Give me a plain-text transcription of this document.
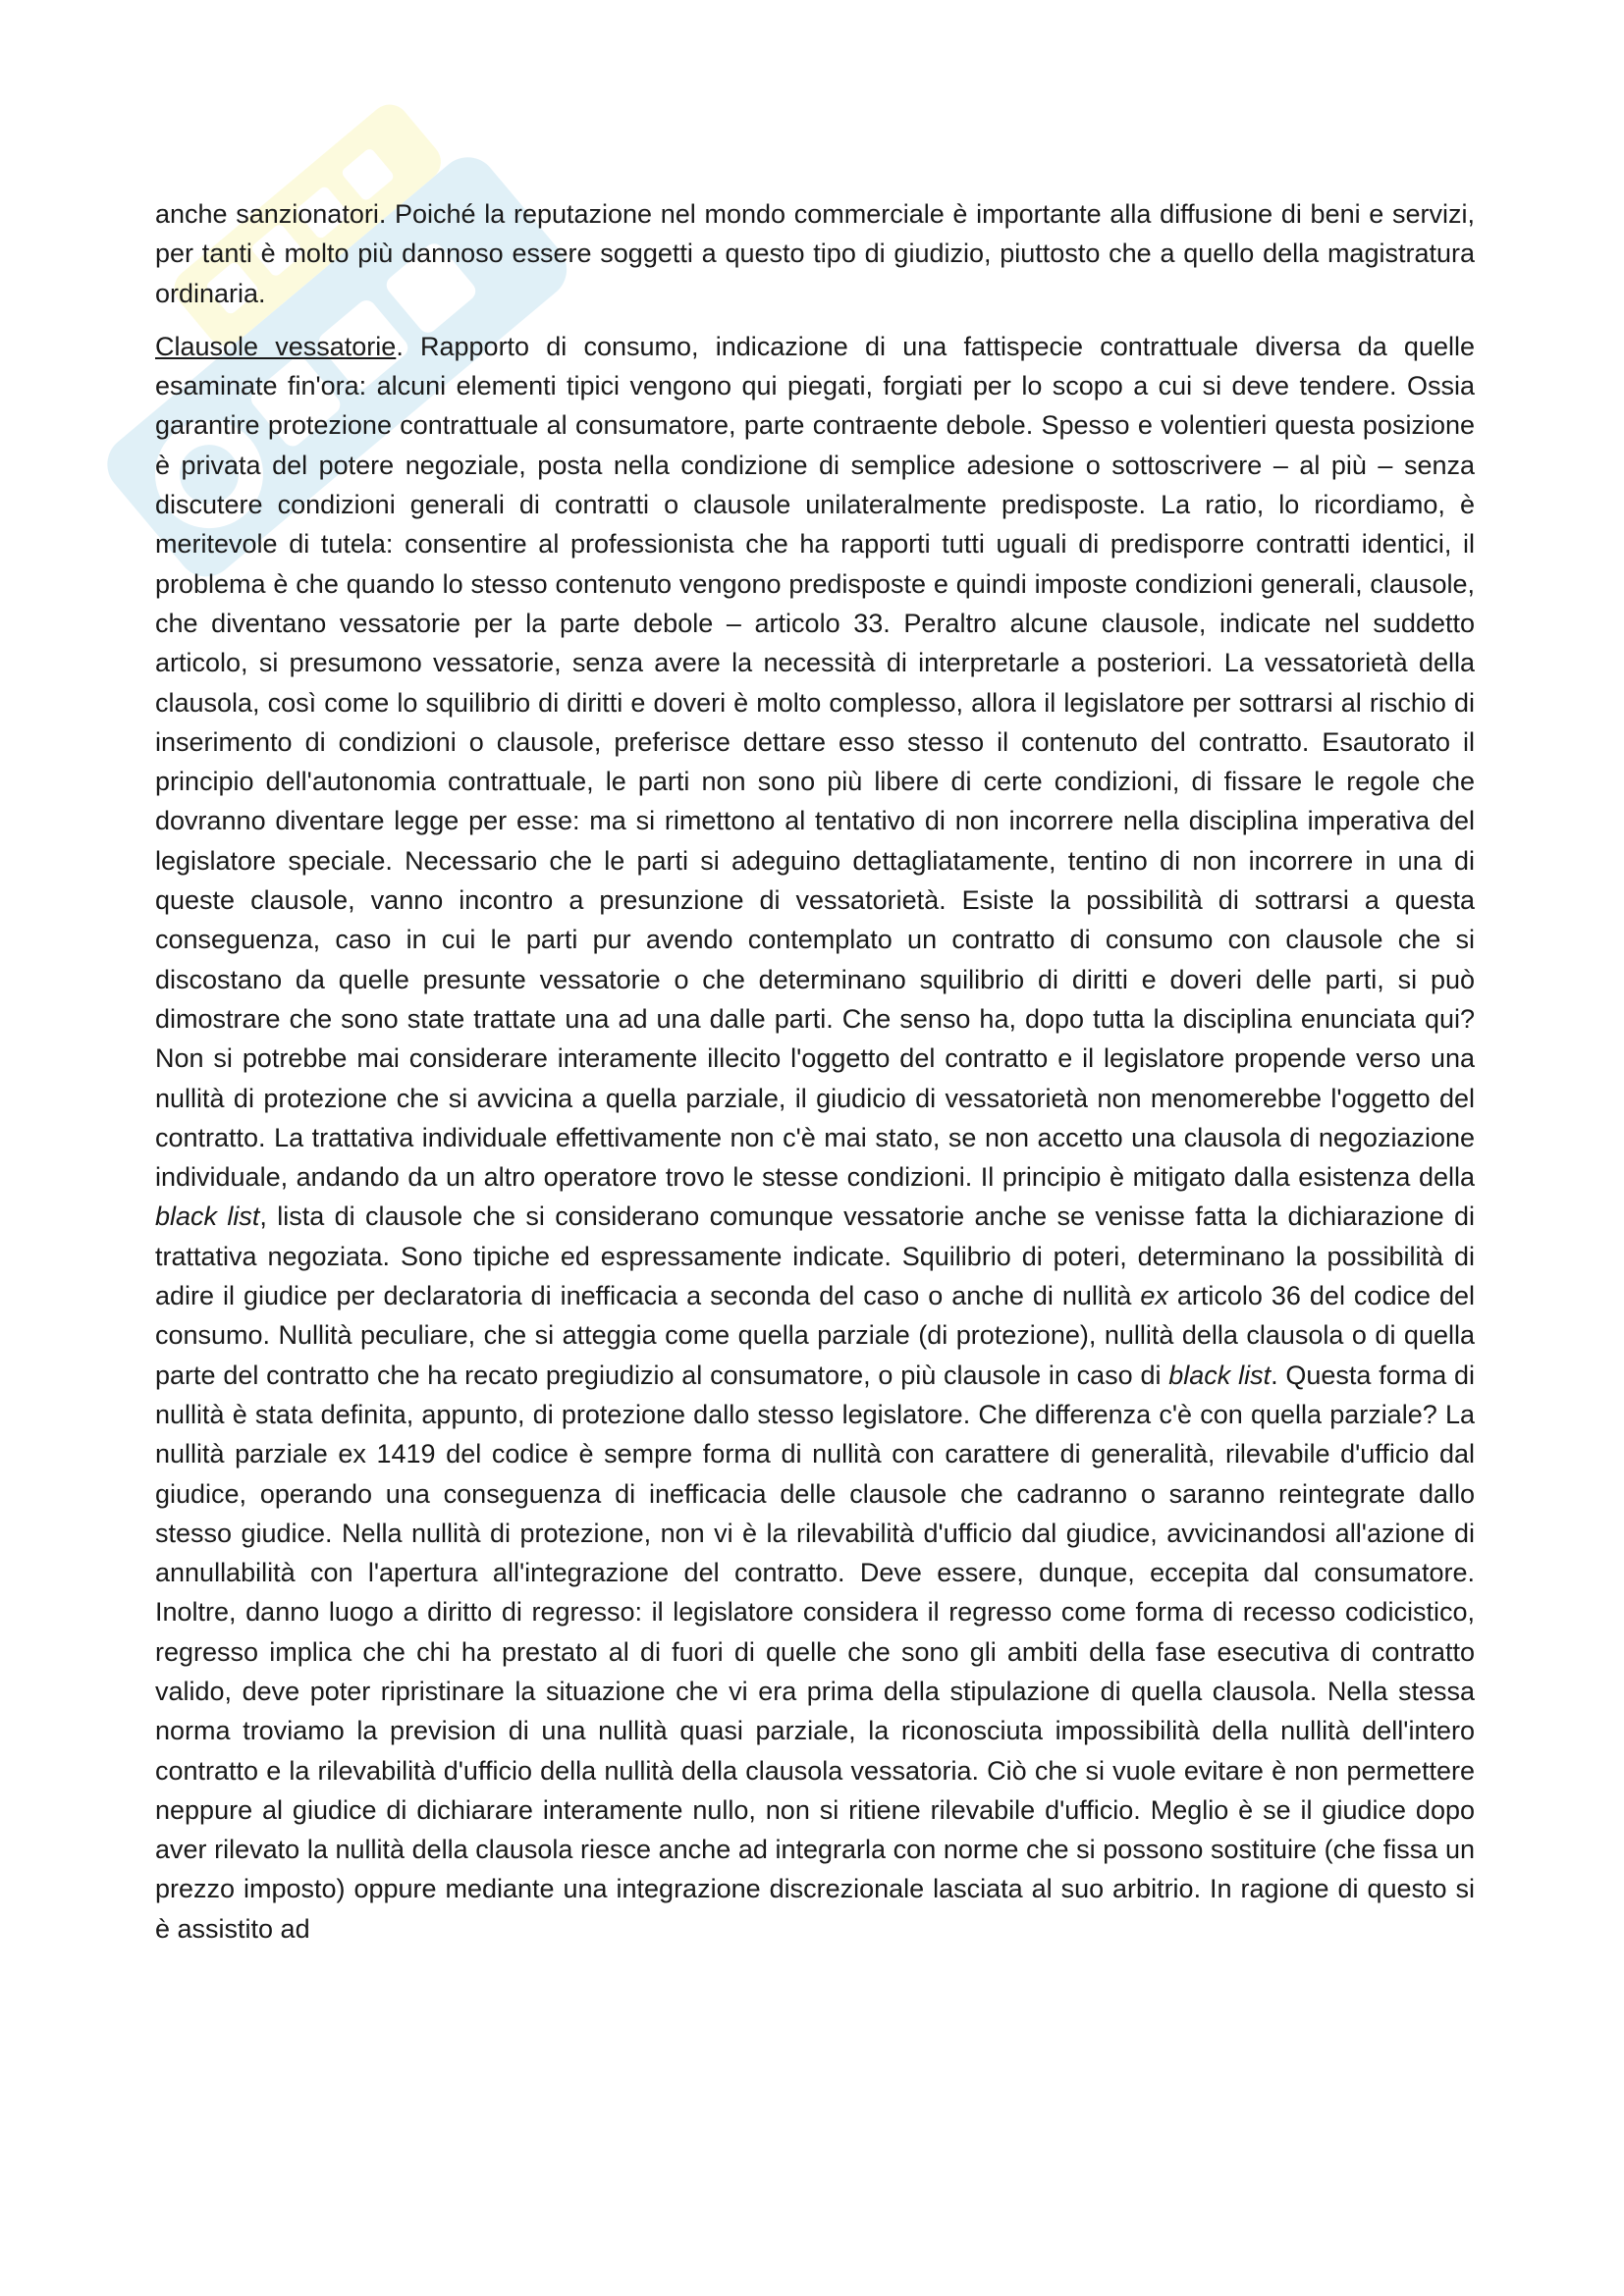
anche sanzionatori. Poiché la reputazione nel mondo commerciale è importante alla diffusione di beni e servizi, per tanti è molto più dannoso essere soggetti a questo tipo di giudizio, piuttosto che a quello della magistratura ordinaria.

Clausole vessatorie. Rapporto di consumo, indicazione di una fattispecie contrattuale diversa da quelle esaminate fin'ora: alcuni elementi tipici vengono qui piegati, forgiati per lo scopo a cui si deve tendere. Ossia garantire protezione contrattuale al consumatore, parte contraente debole. Spesso e volentieri questa posizione è privata del potere negoziale, posta nella condizione di semplice adesione o sottoscrivere – al più – senza discutere condizioni generali di contratti o clausole unilateralmente predisposte. La ratio, lo ricordiamo, è meritevole di tutela: consentire al professionista che ha rapporti tutti uguali di predisporre contratti identici, il problema è che quando lo stesso contenuto vengono predisposte e quindi imposte condizioni generali, clausole, che diventano vessatorie per la parte debole – articolo 33. Peraltro alcune clausole, indicate nel suddetto articolo, si presumono vessatorie, senza avere la necessità di interpretarle a posteriori. La vessatorietà della clausola, così come lo squilibrio di diritti e doveri è molto complesso, allora il legislatore per sottrarsi al rischio di inserimento di condizioni o clausole, preferisce dettare esso stesso il contenuto del contratto. Esautorato il principio dell'autonomia contrattuale, le parti non sono più libere di certe condizioni, di fissare le regole che dovranno diventare legge per esse: ma si rimettono al tentativo di non incorrere nella disciplina imperativa del legislatore speciale. Necessario che le parti si adeguino dettagliatamente, tentino di non incorrere in una di queste clausole, vanno incontro a presunzione di vessatorietà. Esiste la possibilità di sottrarsi a questa conseguenza, caso in cui le parti pur avendo contemplato un contratto di consumo con clausole che si discostano da quelle presunte vessatorie o che determinano squilibrio di diritti e doveri delle parti, si può dimostrare che sono state trattate una ad una dalle parti. Che senso ha, dopo tutta la disciplina enunciata qui? Non si potrebbe mai considerare interamente illecito l'oggetto del contratto e il legislatore propende verso una nullità di protezione che si avvicina a quella parziale, il giudicio di vessatorietà non menomerebbe l'oggetto del contratto. La trattativa individuale effettivamente non c'è mai stato, se non accetto una clausola di negoziazione individuale, andando da un altro operatore trovo le stesse condizioni. Il principio è mitigato dalla esistenza della black list, lista di clausole che si considerano comunque vessatorie anche se venisse fatta la dichiarazione di trattativa negoziata. Sono tipiche ed espressamente indicate. Squilibrio di poteri, determinano la possibilità di adire il giudice per declaratoria di inefficacia a seconda del caso o anche di nullità ex articolo 36 del codice del consumo. Nullità peculiare, che si atteggia come quella parziale (di protezione), nullità della clausola o di quella parte del contratto che ha recato pregiudizio al consumatore, o più clausole in caso di black list. Questa forma di nullità è stata definita, appunto, di protezione dallo stesso legislatore. Che differenza c'è con quella parziale? La nullità parziale ex 1419 del codice è sempre forma di nullità con carattere di generalità, rilevabile d'ufficio dal giudice, operando una conseguenza di inefficacia delle clausole che cadranno o saranno reintegrate dallo stesso giudice. Nella nullità di protezione, non vi è la rilevabilità d'ufficio dal giudice, avvicinandosi all'azione di annullabilità con l'apertura all'integrazione del contratto. Deve essere, dunque, eccepita dal consumatore. Inoltre, danno luogo a diritto di regresso: il legislatore considera il regresso come forma di recesso codicistico, regresso implica che chi ha prestato al di fuori di quelle che sono gli ambiti della fase esecutiva di contratto valido, deve poter ripristinare la situazione che vi era prima della stipulazione di quella clausola. Nella stessa norma troviamo la prevision di una nullità quasi parziale, la riconosciuta impossibilità della nullità dell'intero contratto e la rilevabilità d'ufficio della nullità della clausola vessatoria. Ciò che si vuole evitare è non permettere neppure al giudice di dichiarare interamente nullo, non si ritiene rilevabile d'ufficio. Meglio è se il giudice dopo aver rilevato la nullità della clausola riesce anche ad integrarla con norme che si possono sostituire (che fissa un prezzo imposto) oppure mediante una integrazione discrezionale lasciata al suo arbitrio. In ragione di questo si è assistito ad
